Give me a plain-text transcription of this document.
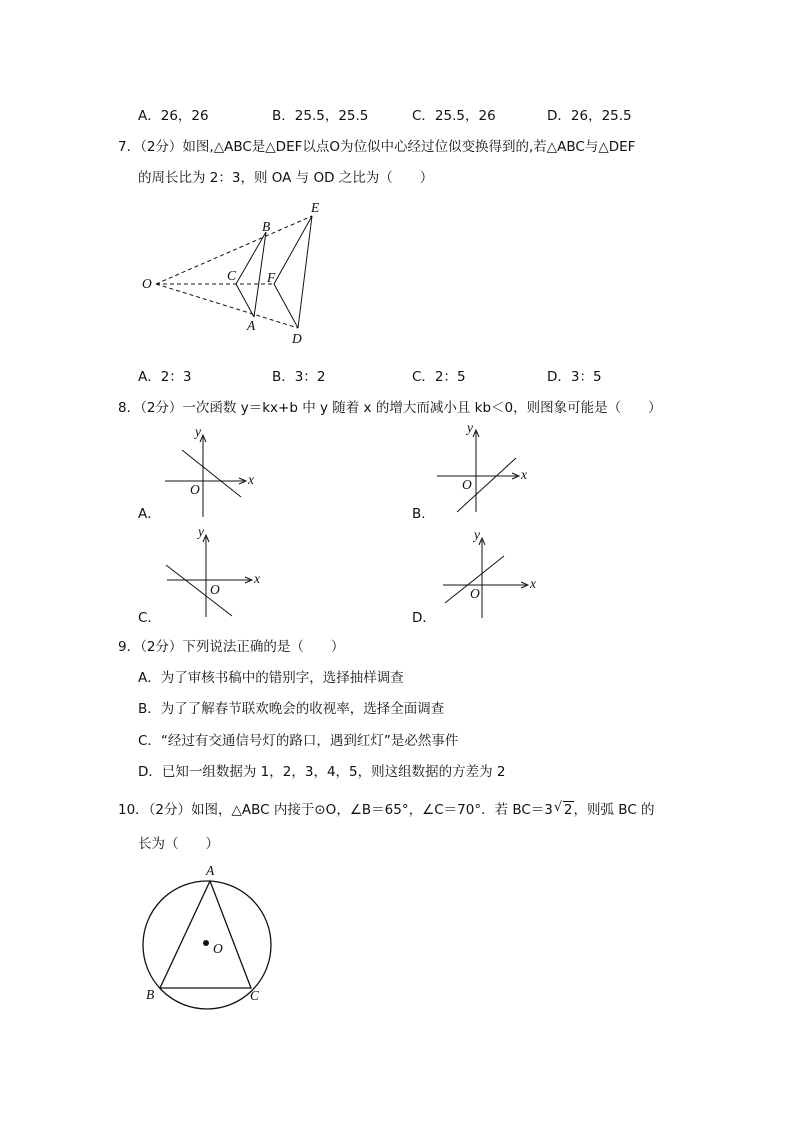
A．26，26	B．25.5，25.5	C．25.5，26	D．26，25.5
7．（2分）如图,△ABC是△DEF以点O为位似中心经过位似变换得到的,若△ABC与△DEF
的周长比为 2：3，则 OA 与 OD 之比为（　　）
O
B
C
A
E
F
D
A．2：3	B．3：2	C．2：5	D．3：5
8．（2分）一次函数 y＝kx+b 中 y 随着 x 的增大而减小且 kb＜0，则图象可能是（　　）
x
y
O
A．
x
y
O
B．
x
y
O
C．
x
y
O
D．
9．（2分）下列说法正确的是（　　）
A．为了审核书稿中的错别字，选择抽样调查
B．为了了解春节联欢晚会的收视率，选择全面调查
C．“经过有交通信号灯的路口，遇到红灯”是必然事件
D．已知一组数据为 1，2，3，4，5，则这组数据的方差为 2
10．（2分）如图，△ABC 内接于⊙O，∠B＝65°，∠C＝70°．若 BC＝3 √ 2，则弧 BC 的
长为（　　）
A
B	C
O
